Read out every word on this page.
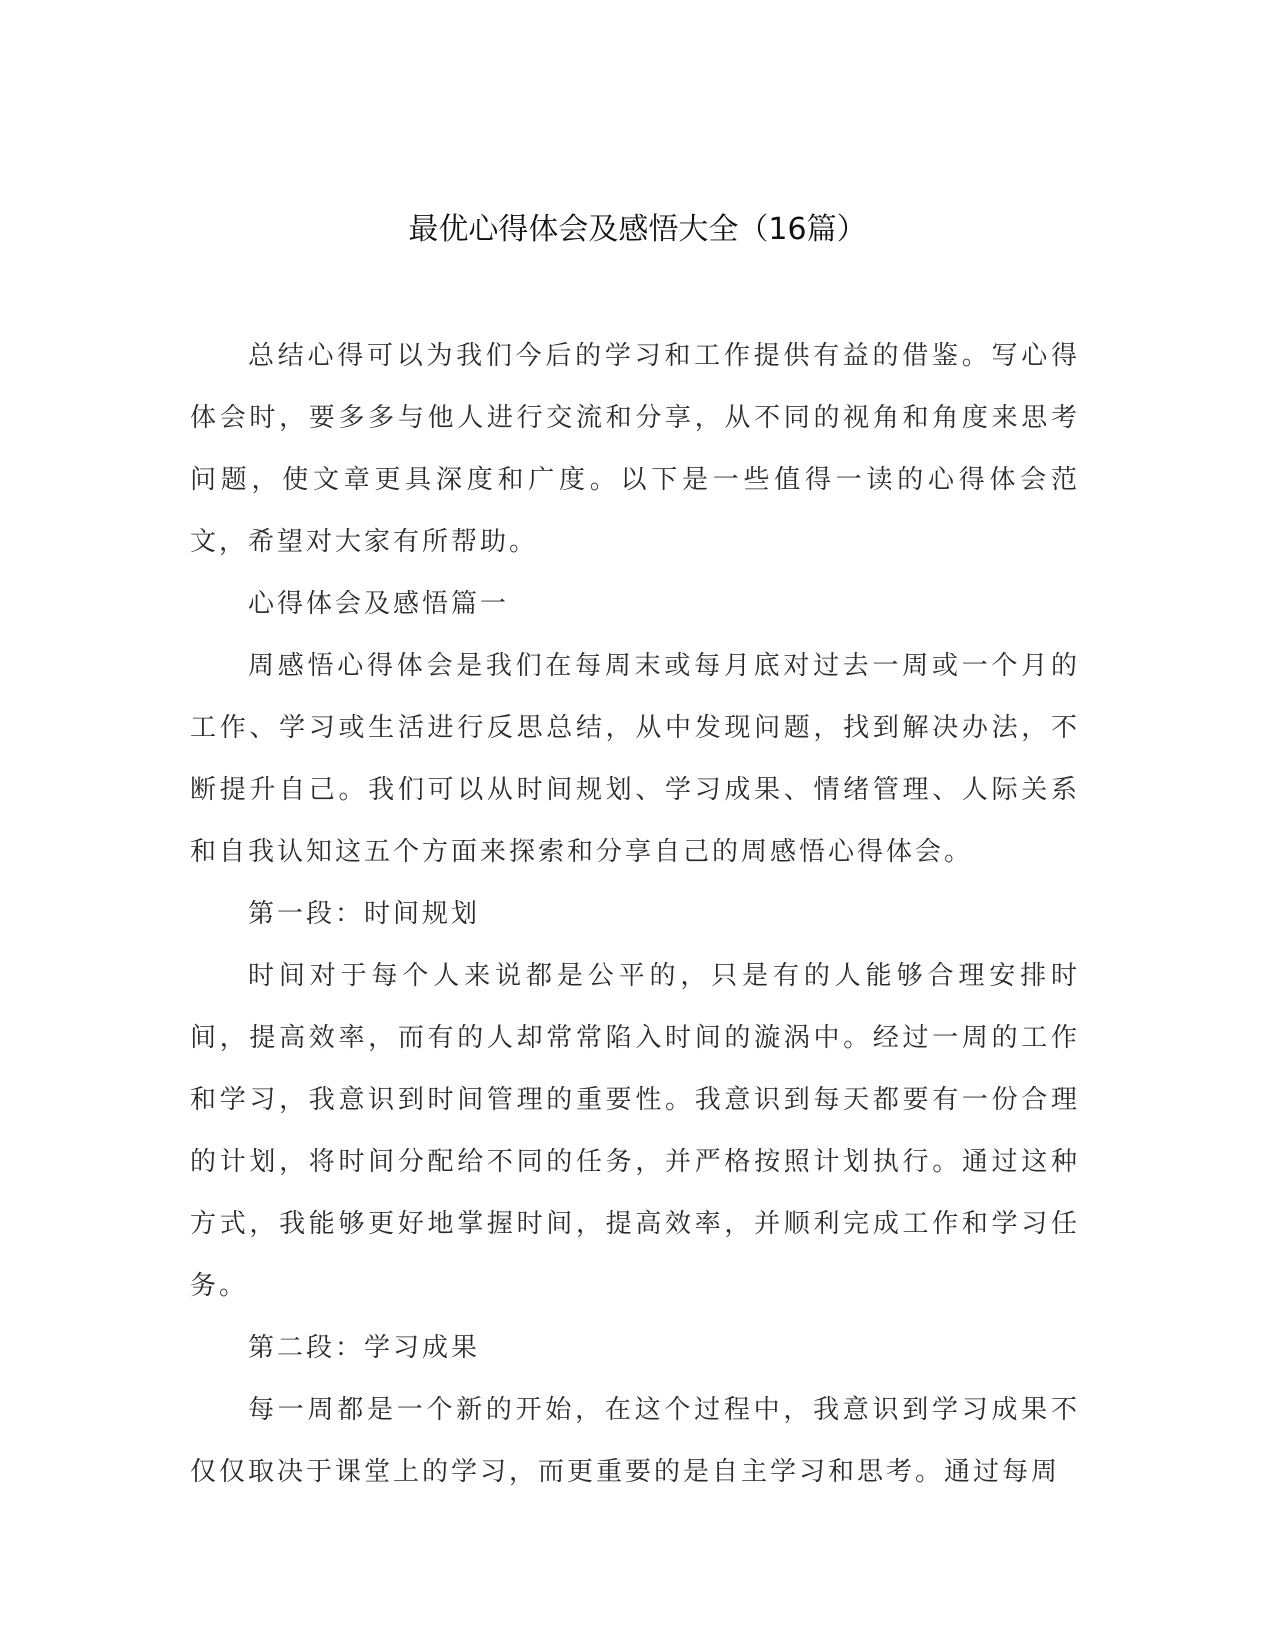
最优心得体会及感悟大全（16篇）

总结心得可以为我们今后的学习和工作提供有益的借鉴。写心得体会时，要多多与他人进行交流和分享，从不同的视角和角度来思考问题，使文章更具深度和广度。以下是一些值得一读的心得体会范文，希望对大家有所帮助。

心得体会及感悟篇一

周感悟心得体会是我们在每周末或每月底对过去一周或一个月的工作、学习或生活进行反思总结，从中发现问题，找到解决办法，不断提升自己。我们可以从时间规划、学习成果、情绪管理、人际关系和自我认知这五个方面来探索和分享自己的周感悟心得体会。

第一段：时间规划

时间对于每个人来说都是公平的，只是有的人能够合理安排时间，提高效率，而有的人却常常陷入时间的漩涡中。经过一周的工作和学习，我意识到时间管理的重要性。我意识到每天都要有一份合理的计划，将时间分配给不同的任务，并严格按照计划执行。通过这种方式，我能够更好地掌握时间，提高效率，并顺利完成工作和学习任务。

第二段：学习成果

每一周都是一个新的开始，在这个过程中，我意识到学习成果不仅仅取决于课堂上的学习，而更重要的是自主学习和思考。通过每周
